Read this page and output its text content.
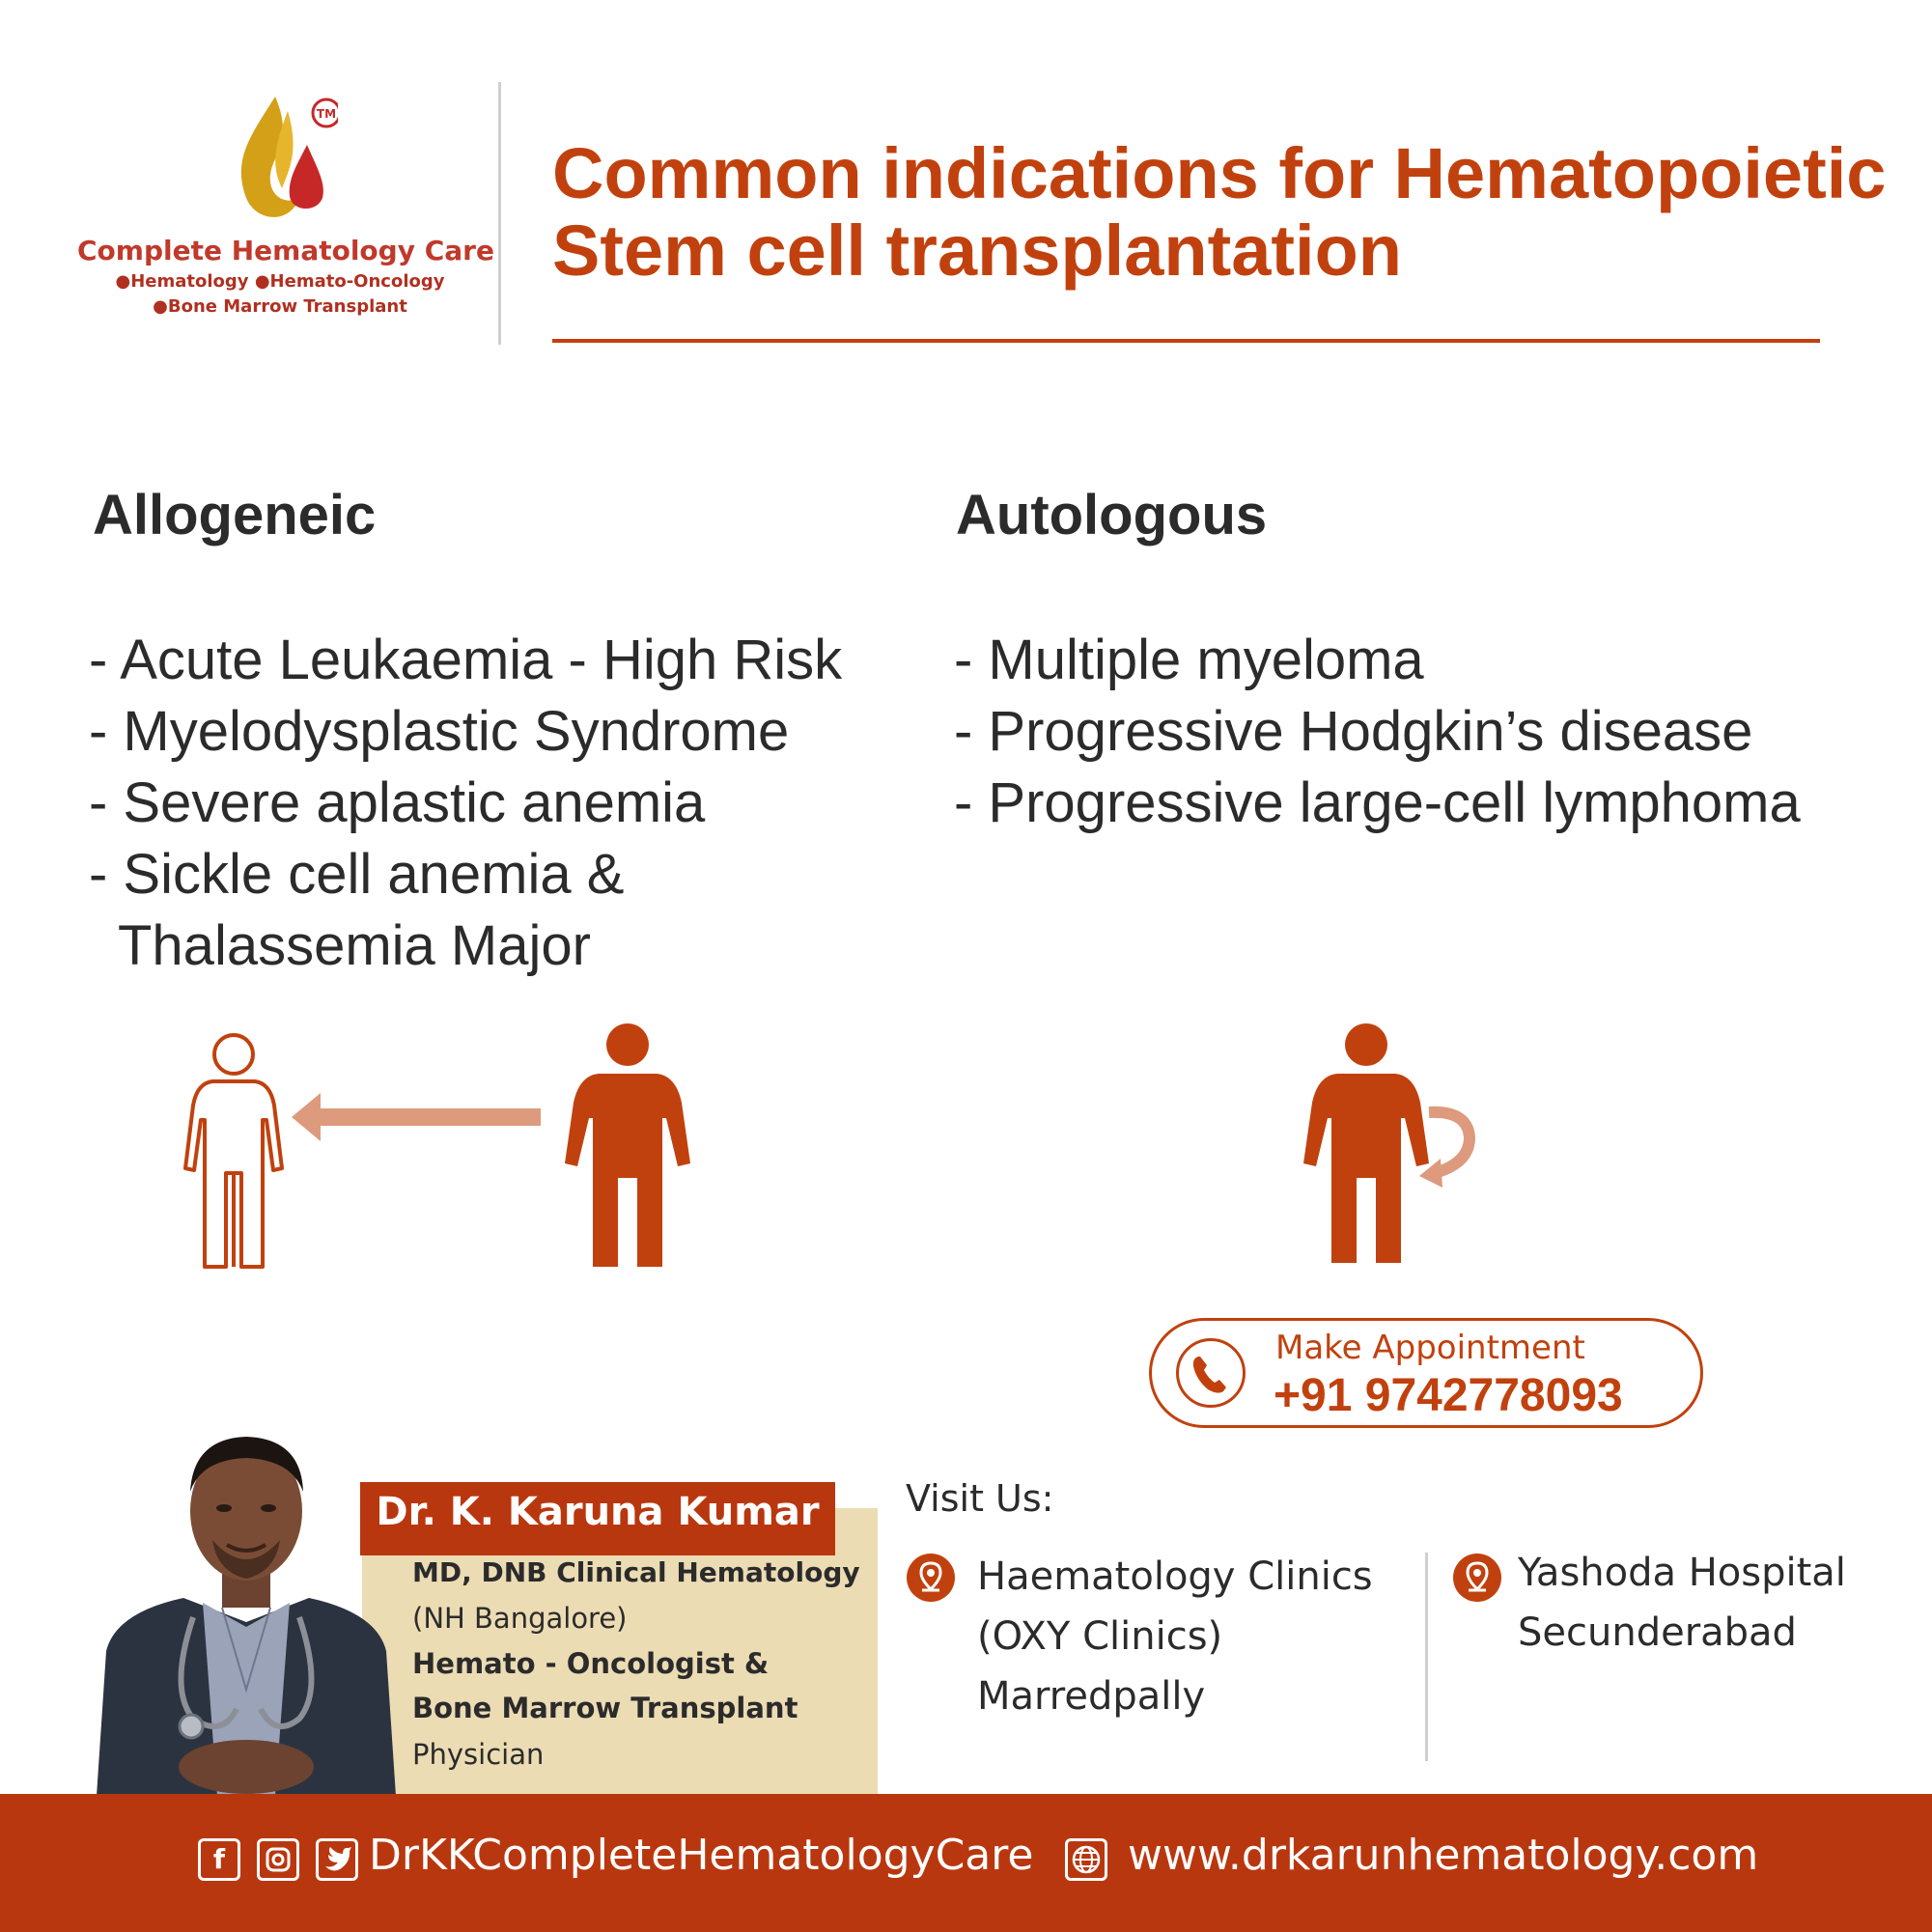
TM
Complete Hematology Care
●Hematology ●Hemato-Oncology
●Bone Marrow Transplant
Common indications for Hematopoietic
Stem cell transplantation
Allogeneic	Autologous
- Acute Leukaemia - High Risk
- Myelodysplastic Syndrome
- Severe aplastic anemia
- Sickle cell anemia &
Thalassemia Major
- Multiple myeloma
- Progressive Hodgkin’s disease
- Progressive large-cell lymphoma
Make Appointment
+91 9742778093
Dr. K. Karuna Kumar
MD, DNB Clinical Hematology
(NH Bangalore)
Hemato - Oncologist &
Bone Marrow Transplant
Physician
Visit Us:
Haematology Clinics
(OXY Clinics)
Marredpally
Yashoda Hospital
Secunderabad
f	DrKKCompleteHematologyCare www.drkarunhematology.com
